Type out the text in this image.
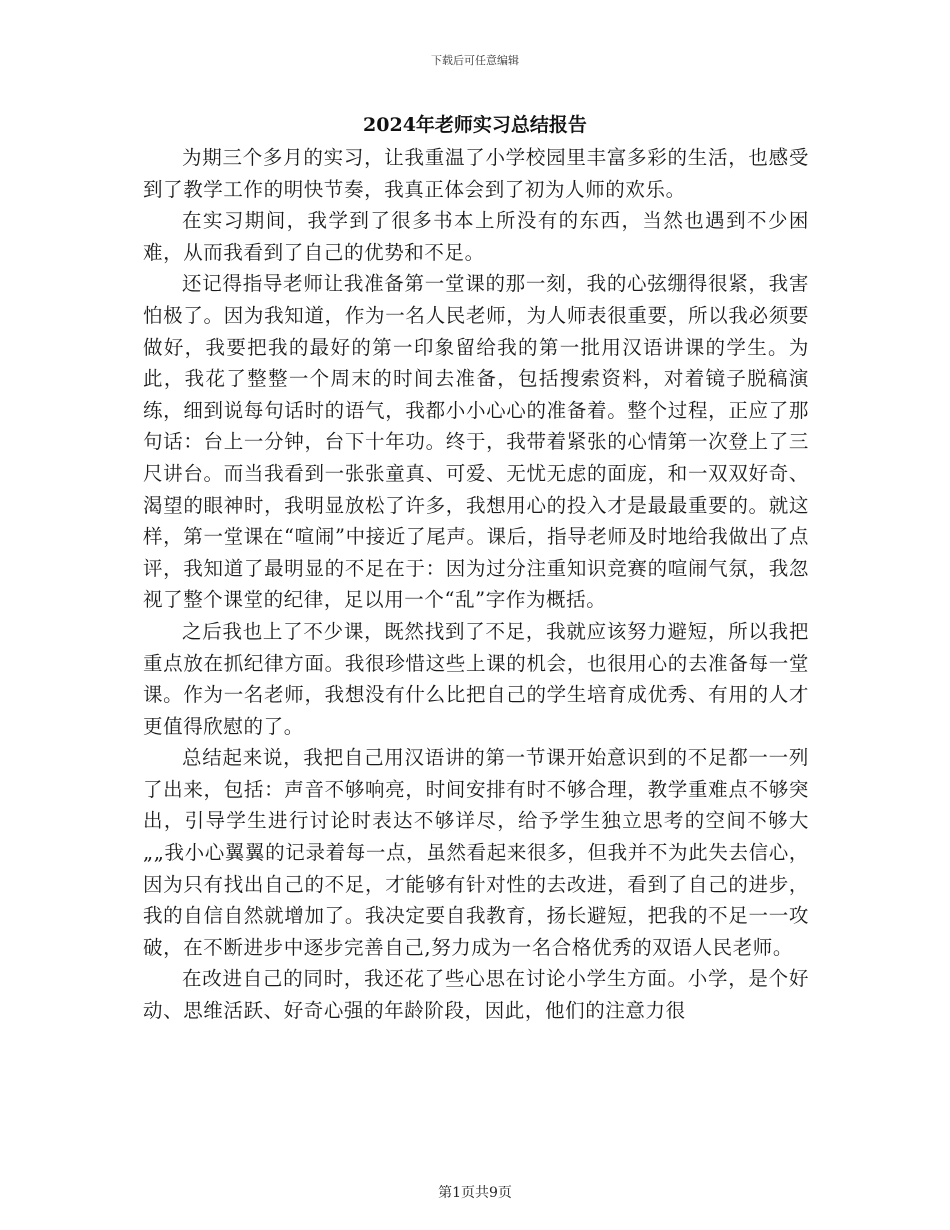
下载后可任意编辑
2024年老师实习总结报告

为期三个多月的实习，让我重温了小学校园里丰富多彩的生活，也感受到了教学工作的明快节奏，我真正体会到了初为人师的欢乐。

在实习期间，我学到了很多书本上所没有的东西，当然也遇到不少困难，从而我看到了自己的优势和不足。

还记得指导老师让我准备第一堂课的那一刻，我的心弦绷得很紧，我害怕极了。因为我知道，作为一名人民老师，为人师表很重要，所以我必须要做好，我要把我的最好的第一印象留给我的第一批用汉语讲课的学生。为此，我花了整整一个周末的时间去准备，包括搜索资料，对着镜子脱稿演练，细到说每句话时的语气，我都小小心心的准备着。整个过程，正应了那句话：台上一分钟，台下十年功。终于，我带着紧张的心情第一次登上了三尺讲台。而当我看到一张张童真、可爱、无忧无虑的面庞，和一双双好奇、渴望的眼神时，我明显放松了许多，我想用心的投入才是最最重要的。就这样，第一堂课在“喧闹”中接近了尾声。课后，指导老师及时地给我做出了点评，我知道了最明显的不足在于：因为过分注重知识竞赛的喧闹气氛，我忽视了整个课堂的纪律，足以用一个“乱”字作为概括。

之后我也上了不少课，既然找到了不足，我就应该努力避短，所以我把重点放在抓纪律方面。我很珍惜这些上课的机会，也很用心的去准备每一堂课。作为一名老师，我想没有什么比把自己的学生培育成优秀、有用的人才更值得欣慰的了。

总结起来说，我把自己用汉语讲的第一节课开始意识到的不足都一一列了出来，包括：声音不够响亮，时间安排有时不够合理，教学重难点不够突出，引导学生进行讨论时表达不够详尽，给予学生独立思考的空间不够大„„我小心翼翼的记录着每一点，虽然看起来很多，但我并不为此失去信心，因为只有找出自己的不足，才能够有针对性的去改进，看到了自己的进步，我的自信自然就增加了。我决定要自我教育，扬长避短，把我的不足一一攻破，在不断进步中逐步完善自己,努力成为一名合格优秀的双语人民老师。

在改进自己的同时，我还花了些心思在讨论小学生方面。小学，是个好动、思维活跃、好奇心强的年龄阶段，因此，他们的注意力很

第1页共9页
